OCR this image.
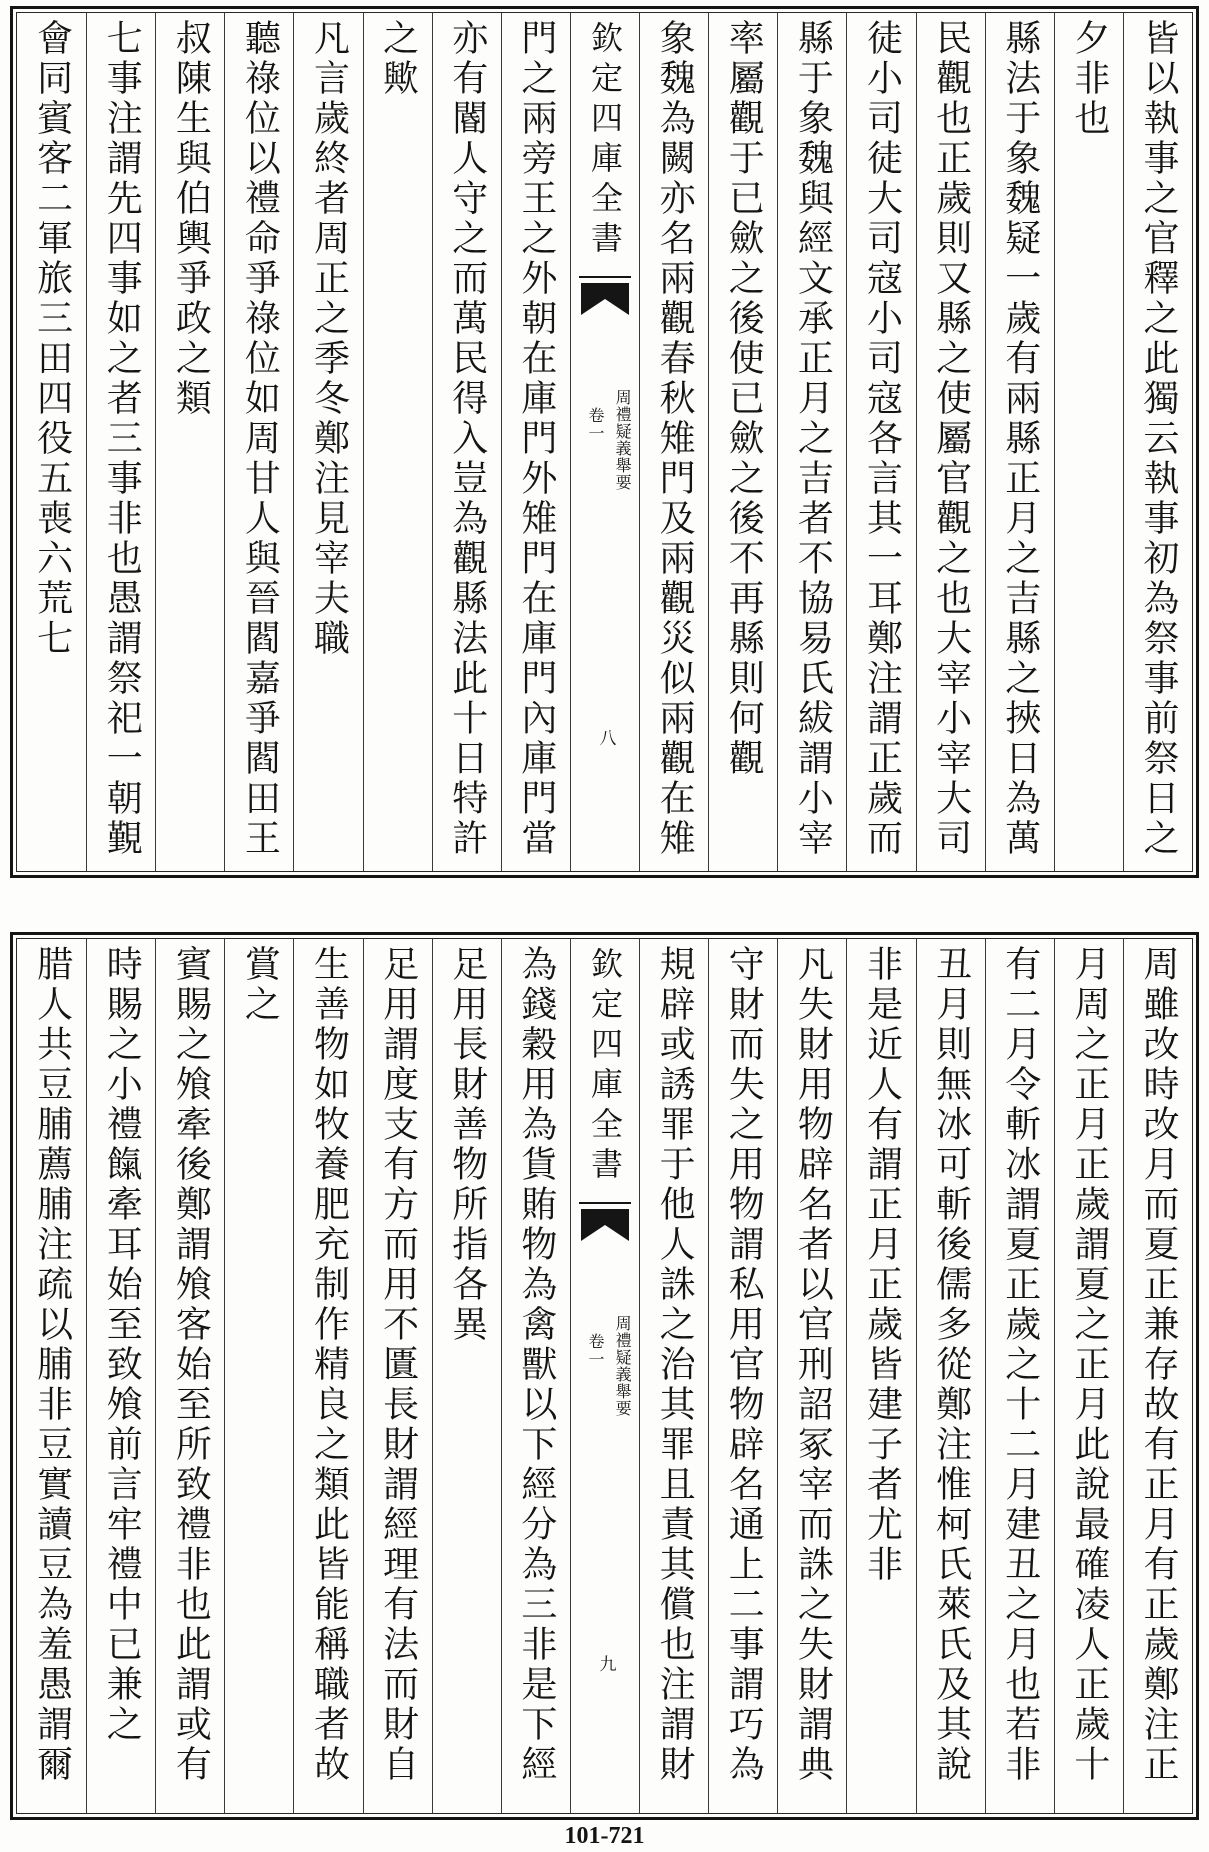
皆以執事之官釋之此獨云執事初為祭事前祭日之
夕非也
縣法于象魏疑一歲有兩縣正月之吉縣之挾日為萬
民觀也正歲則又縣之使屬官觀之也大宰小宰大司
徒小司徒大司寇小司寇各言其一耳鄭注謂正歲而
縣于象魏與經文承正月之吉者不協易氏紱謂小宰
率屬觀于已歛之後使已歛之後不再縣則何觀
象魏為闕亦名兩觀春秋雉門及兩觀災似兩觀在雉
欽定四庫全書
周禮疑義舉要
卷一
八
門之兩旁王之外朝在庫門外雉門在庫門內庫門當
亦有閽人守之而萬民得入豈為觀縣法此十日特許
之歟
凡言歲終者周正之季冬鄭注見宰夫職
聽祿位以禮命爭祿位如周甘人與晉閻嘉爭閻田王
叔陳生與伯輿爭政之類
七事注謂先四事如之者三事非也愚謂祭祀一朝覲
會同賓客二軍旅三田四役五喪六荒七
周雖改時改月而夏正兼存故有正月有正歲鄭注正
月周之正月正歲謂夏之正月此說最確凌人正歲十
有二月令斬冰謂夏正歲之十二月建丑之月也若非
丑月則無冰可斬後儒多從鄭注惟柯氏萊氏及其說
非是近人有謂正月正歲皆建子者尤非
凡失財用物辟名者以官刑詔冢宰而誅之失財謂典
守財而失之用物謂私用官物辟名通上二事謂巧為
規辟或誘罪于他人誅之治其罪且責其償也注謂財
欽定四庫全書
周禮疑義舉要
卷一
九
為錢穀用為貨賄物為禽獸以下經分為三非是下經
足用長財善物所指各異
足用謂度支有方而用不匱長財謂經理有法而財自
生善物如牧養肥充制作精良之類此皆能稱職者故
賞之
賓賜之飧牽後鄭謂飧客始至所致禮非也此謂或有
時賜之小禮餼牽耳始至致飧前言牢禮中已兼之
腊人共豆脯薦脯注疏以脯非豆實讀豆為羞愚謂爾
101-721
